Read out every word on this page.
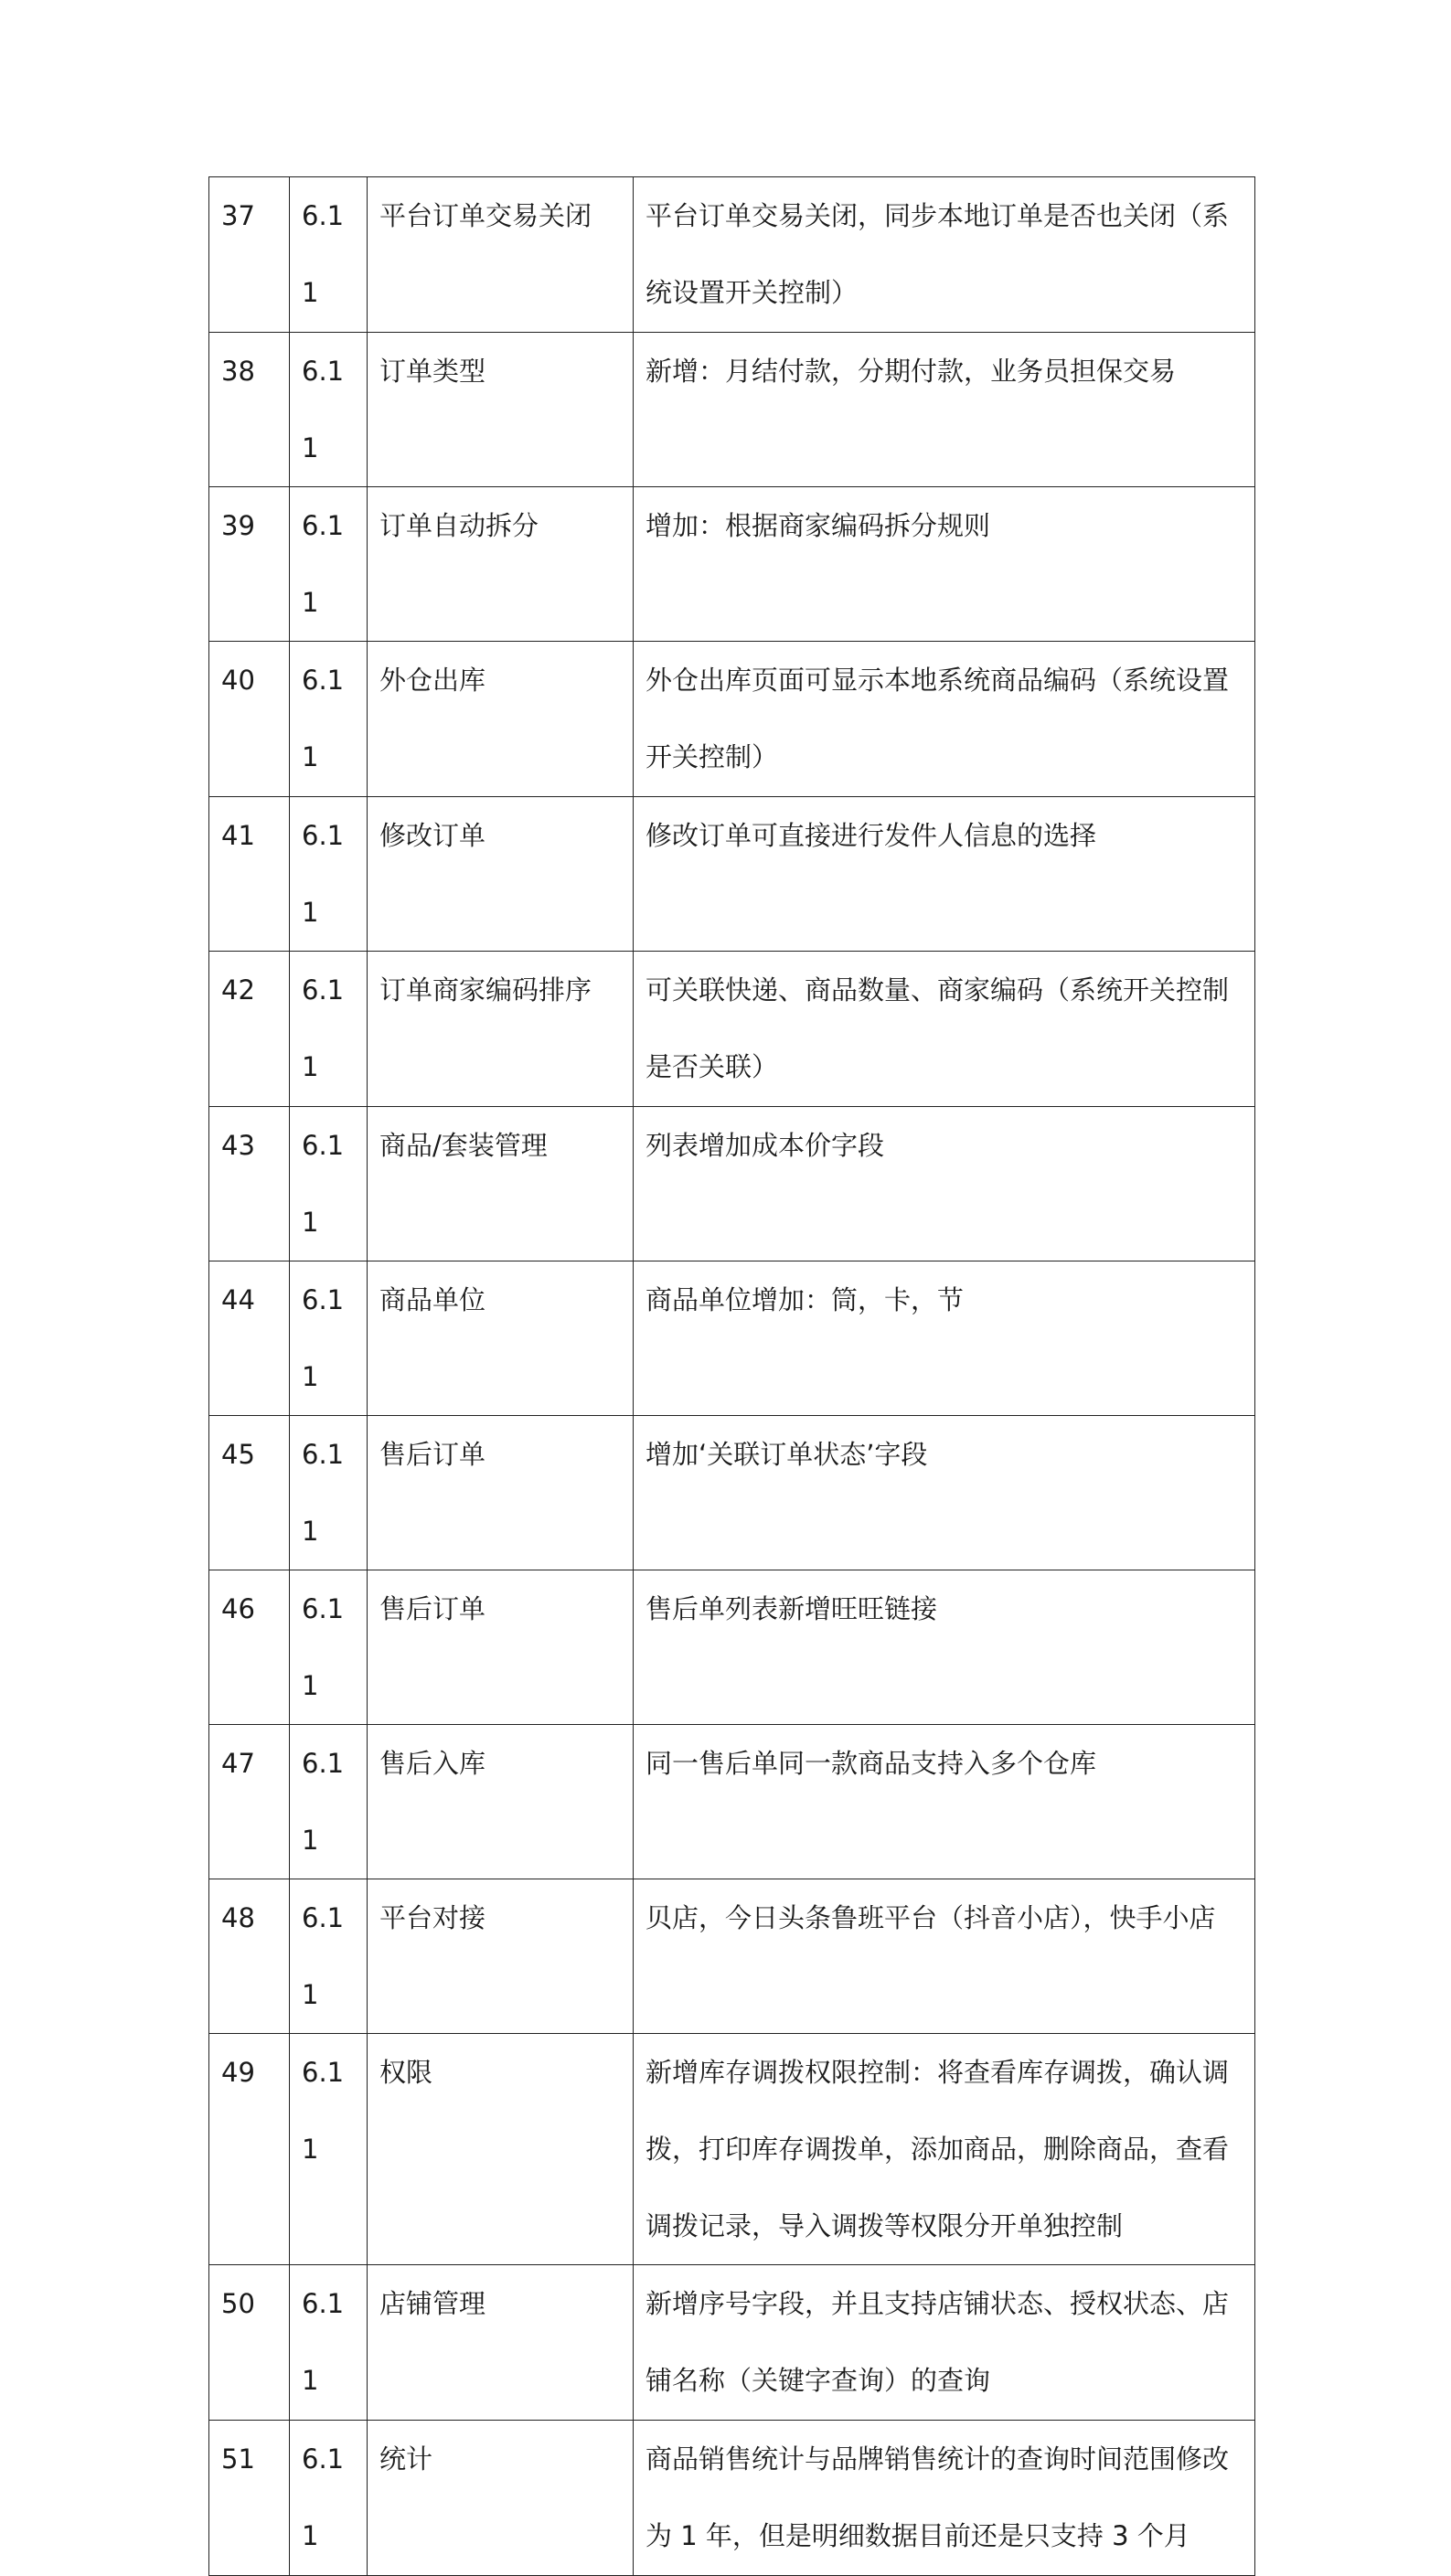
37	6.11	平台订单交易关闭	平台订单交易关闭，同步本地订单是否也关闭（系统设置开关控制）

38	6.11	订单类型	新增：月结付款，分期付款，业务员担保交易

39	6.11	订单自动拆分	增加：根据商家编码拆分规则

40	6.11	外仓出库	外仓出库页面可显示本地系统商品编码（系统设置开关控制）

41	6.11	修改订单	修改订单可直接进行发件人信息的选择

42	6.11	订单商家编码排序	可关联快递、商品数量、商家编码（系统开关控制是否关联）

43	6.11	商品/套装管理	列表增加成本价字段

44	6.11	商品单位	商品单位增加：筒，卡，节

45	6.11	售后订单	增加‘关联订单状态’字段

46	6.11	售后订单	售后单列表新增旺旺链接

47	6.11	售后入库	同一售后单同一款商品支持入多个仓库

48	6.11	平台对接	贝店，今日头条鲁班平台（抖音小店），快手小店

49	6.11	权限	新增库存调拨权限控制：将查看库存调拨，确认调拨，打印库存调拨单，添加商品，删除商品，查看调拨记录，导入调拨等权限分开单独控制

50	6.11	店铺管理	新增序号字段，并且支持店铺状态、授权状态、店铺名称（关键字查询）的查询

51	6.11	统计	商品销售统计与品牌销售统计的查询时间范围修改为 1 年，但是明细数据目前还是只支持 3 个月
